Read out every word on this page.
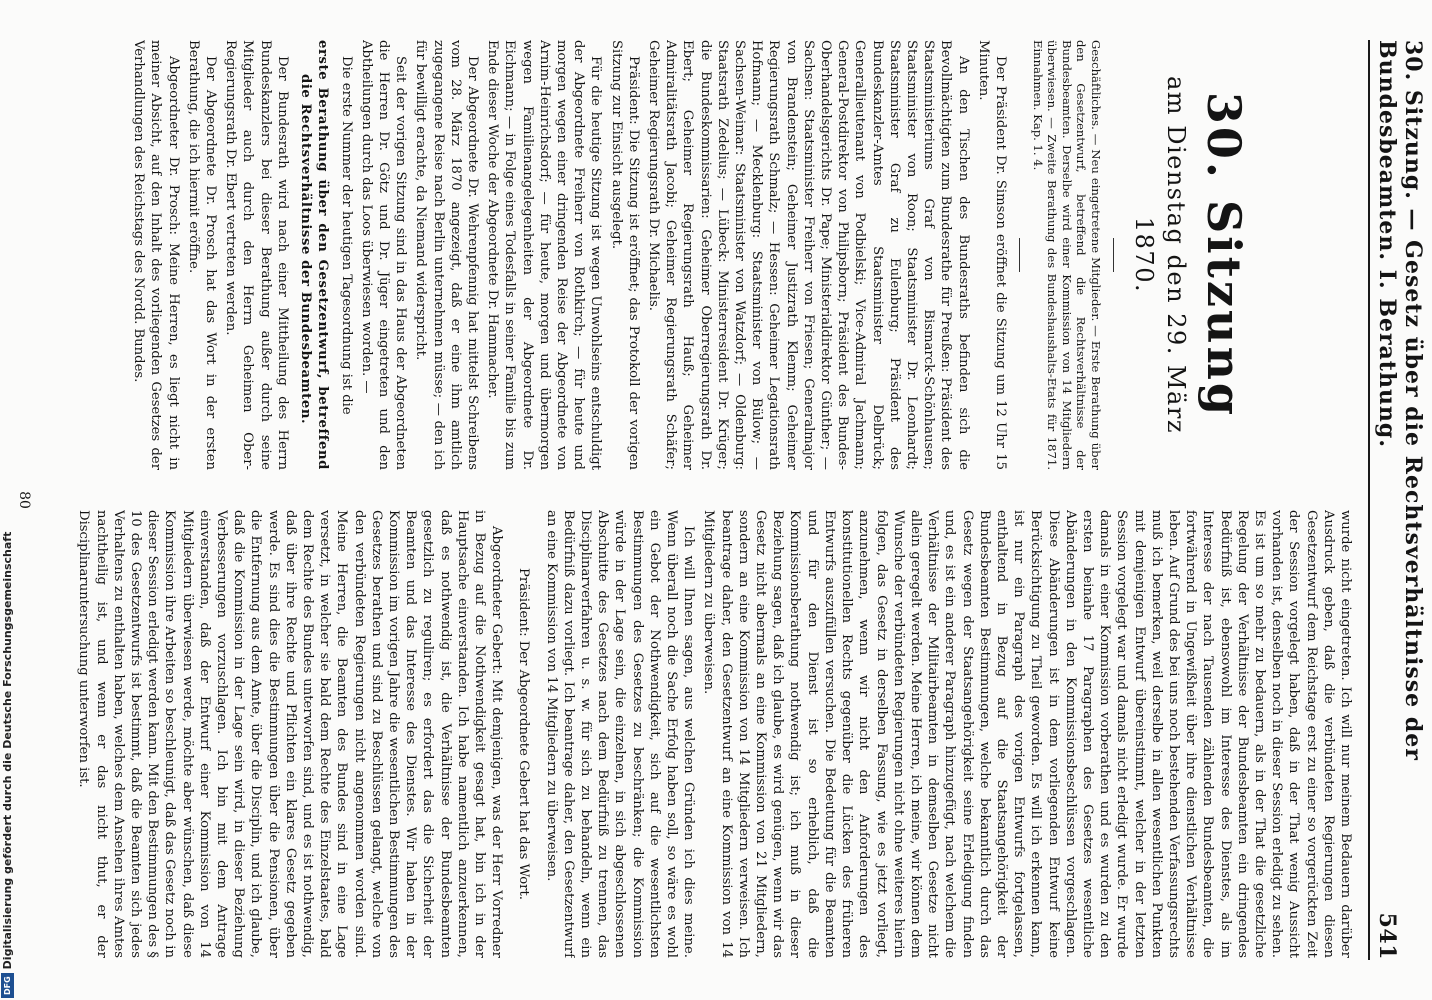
30. Sitzung. — Gesetz über die Rechtsverhältnisse der Bundesbeamten. I. Berathung.
541
30. Sitzung
am Dienstag den 29. März 1870.

Geschäftliches. — Neu eingetretene Mitglieder. — Erste Berathung über den Gesetzentwurf, betreffend die Rechtsverhältnisse der Bundesbeamten. Derselbe wird einer Kommission von 14 Mitgliedern überwiesen. — Zweite Berathung des Bundeshaushalts-Etats für 1871. Einnahmen. Kap. 1. 4.

Der Präsident Dr. Simson eröffnet die Sitzung um 12 Uhr 15 Minuten.

An den Tischen des Bundesraths befinden sich die Bevollmächtigten zum Bundesrathe für Preußen: Präsident des Staatsministeriums Graf von Bismarck-Schönhausen; Staatsminister von Roon; Staatsminister Dr. Leonhardt; Staatsminister Graf zu Eulenburg; Präsident des Bundeskanzler-Amtes Staatsminister Delbrück; Generallieutenant von Podbielski; Vice-Admiral Jachmann; General-Postdirektor von Philipsborn; Präsident des Bundes-Oberhandelsgerichts Dr. Pape; Ministerialdirektor Günther; — Sachsen: Staatsminister Freiherr von Friesen; Generalmajor von Brandenstein; Geheimer Justizrath Klemm; Geheimer Regierungsrath Schmalz; — Hessen: Geheimer Legationsrath Hofmann; — Mecklenburg: Staatsminister von Bülow; — Sachsen-Weimar: Staatsminister von Watzdorf; — Oldenburg: Staatsrath Zedelius; — Lübeck: Ministerresident Dr. Krüger; die Bundeskommissarien: Geheimer Oberregierungsrath Dr. Ebert; Geheimer Regierungsrath Hauß; Geheimer Admiralitätsrath Jacobi; Geheimer Regierungsrath Schäfer; Geheimer Regierungsrath Dr. Michaelis.

Präsident: Die Sitzung ist eröffnet; das Protokoll der vorigen Sitzung zur Einsicht ausgelegt.

Für die heutige Sitzung ist wegen Unwohlseins entschuldigt der Abgeordnete Freiherr von Rothkirch; — für heute und morgen wegen einer dringenden Reise der Abgeordnete von Arnim-Heinrichsdorf; — für heute, morgen und übermorgen wegen Familienangelegenheiten der Abgeordnete Dr. Eichmann; — in Folge eines Todesfalls in seiner Familie bis zum Ende dieser Woche der Abgeordnete Dr. Hammacher.

Der Abgeordnete Dr. Wehrenpfennig hat mittelst Schreibens vom 28. März 1870 angezeigt, daß er eine ihm amtlich zugegangene Reise nach Berlin unternehmen müsse; — den ich für bewilligt erachte, da Niemand widerspricht.

Seit der vorigen Sitzung sind in das Haus der Abgeordneten die Herren Dr. Götz und Dr. Jüger eingetreten und den Abtheilungen durch das Loos überwiesen worden. —

Die erste Nummer der heutigen Tagesordnung ist die

erste Berathung über den Gesetzentwurf, betreffend die Rechtsverhältnisse der Bundesbeamten.

Der Bundesrath wird nach einer Mittheilung des Herrn Bundeskanzlers bei dieser Berathung außer durch seine Mitglieder auch durch den Herrn Geheimen Ober-Regierungsrath Dr. Ebert vertreten werden.

Der Abgeordnete Dr. Prosch hat das Wort in der ersten Berathung, die ich hiermit eröffne.

Abgeordneter Dr. Prosch: Meine Herren, es liegt nicht in meiner Absicht, auf den Inhalt des vorliegenden Gesetzes der Verhandlungen des Reichstags des Nordd. Bundes.

wurde nicht eingetreten. Ich will nur meinem Bedauern darüber Ausdruck geben, daß die verbündeten Regierungen diesen Gesetzentwurf dem Reichstage erst zu einer so vorgerückten Zeit der Session vorgelegt haben, daß in der That wenig Aussicht vorhanden ist, denselben noch in dieser Session erledigt zu sehen. Es ist um so mehr zu bedauern, als in der That die gesetzliche Regelung der Verhältnisse der Bundesbeamten ein dringendes Bedürfniß ist, ebensowohl im Interesse des Dienstes, als im Interesse der nach Tausenden zählenden Bundesbeamten, die fortwährend in Ungewißheit über ihre dienstlichen Verhältnisse leben. Auf Grund des bei uns noch bestehenden Verfassungsrechts muß ich bemerken, weil derselbe in allen wesentlichen Punkten mit demjenigen Entwurf übereinstimmt, welcher in der letzten Session vorgelegt war und damals nicht erledigt wurde. Er wurde damals in einer Kommission vorberathen und es wurden zu den ersten beinahe 17 Paragraphen des Gesetzes wesentliche Abänderungen in den Kommissionsbeschlüssen vorgeschlagen. Diese Abänderungen ist in dem vorliegenden Entwurf keine Berücksichtigung zu Theil geworden. Es will ich erkennen kann, ist nur ein Paragraph des vorigen Entwurfs fortgelassen, enthaltend in Bezug auf die Staatsangehörigkeit der Bundesbeamten Bestimmungen, welche bekanntlich durch das Gesetz wegen der Staatsangehörigkeit seine Erledigung finden und, es ist ein anderer Paragraph hinzugefügt, nach welchem die Verhältnisse der Militairbeamten in demselben Gesetze nicht allein geregelt werden. Meine Herren, ich meine, wir können dem Wunsche der verbündeten Regierungen nicht ohne weiteres hierin folgen, das Gesetz in derselben Fassung, wie es jetzt vorliegt, anzunehmen, wenn wir nicht den Anforderungen des konstitutionellen Rechts gegenüber die Lücken des früheren Entwurfs auszufüllen versuchen. Die Bedeutung für die Beamten und für den Dienst ist so erheblich, daß die Kommissionsberathung nothwendig ist; ich muß in dieser Beziehung sagen, daß ich glaube, es wird genügen, wenn wir das Gesetz nicht abermals an eine Kommission von 21 Mitgliedern, sondern an eine Kommission von 14 Mitgliedern verweisen. Ich beantrage daher, den Gesetzentwurf an eine Kommission von 14 Mitgliedern zu überweisen.

Ich will Ihnen sagen, aus welchen Gründen ich dies meine. Wenn überall noch die Sache Erfolg haben soll, so wäre es wohl ein Gebot der Nothwendigkeit, sich auf die wesentlichsten Bestimmungen des Gesetzes zu beschränken; die Kommission würde in der Lage sein, die einzelnen, in sich abgeschlossenen Abschnitte des Gesetzes nach dem Bedürfniß zu trennen, das Disciplinarverfahren u. s. w. für sich zu behandeln, wenn ein Bedürfniß dazu vorliegt. Ich beantrage daher, den Gesetzentwurf an eine Kommission von 14 Mitgliedern zu überweisen.

Präsident: Der Abgeordnete Gebert hat das Wort.

Abgeordneter Gebert: Mit demjenigen, was der Herr Vorredner in Bezug auf die Nothwendigkeit gesagt hat, bin ich in der Hauptsache einverstanden. Ich habe namentlich anzuerkennen, daß es nothwendig ist, die Verhältnisse der Bundesbeamten gesetzlich zu reguliren; es erfordert das die Sicherheit der Beamten und das Interesse des Dienstes. Wir haben in der Kommission im vorigen Jahre die wesentlichen Bestimmungen des Gesetzes berathen und sind zu Beschlüssen gelangt, welche von den verbündeten Regierungen nicht angenommen worden sind. Meine Herren, die Beamten des Bundes sind in eine Lage versetzt, in welcher sie bald dem Rechte des Einzelstaates, bald dem Rechte des Bundes unterworfen sind, und es ist nothwendig, daß über ihre Rechte und Pflichten ein klares Gesetz gegeben werde. Es sind dies die Bestimmungen über die Pensionen, über die Entfernung aus dem Amte, über die Disciplin, und ich glaube, daß die Kommission in der Lage sein wird, in dieser Beziehung Verbesserungen vorzuschlagen. Ich bin mit dem Antrage einverstanden, daß der Entwurf einer Kommission von 14 Mitgliedern überwiesen werde, möchte aber wünschen, daß diese Kommission ihre Arbeiten so beschleunigt, daß das Gesetz noch in dieser Session erledigt werden kann. Mit den Bestimmungen des § 10 des Gesetzentwurfs ist bestimmt, daß die Beamten sich jedes Verhaltens zu enthalten haben, welches dem Ansehen ihres Amtes nachtheilig ist, und wenn er das nicht thut, er der Disciplinaruntersuchung unterworfen ist.

80
DFG
Digitalisierung gefördert durch die Deutsche Forschungsgemeinschaft
